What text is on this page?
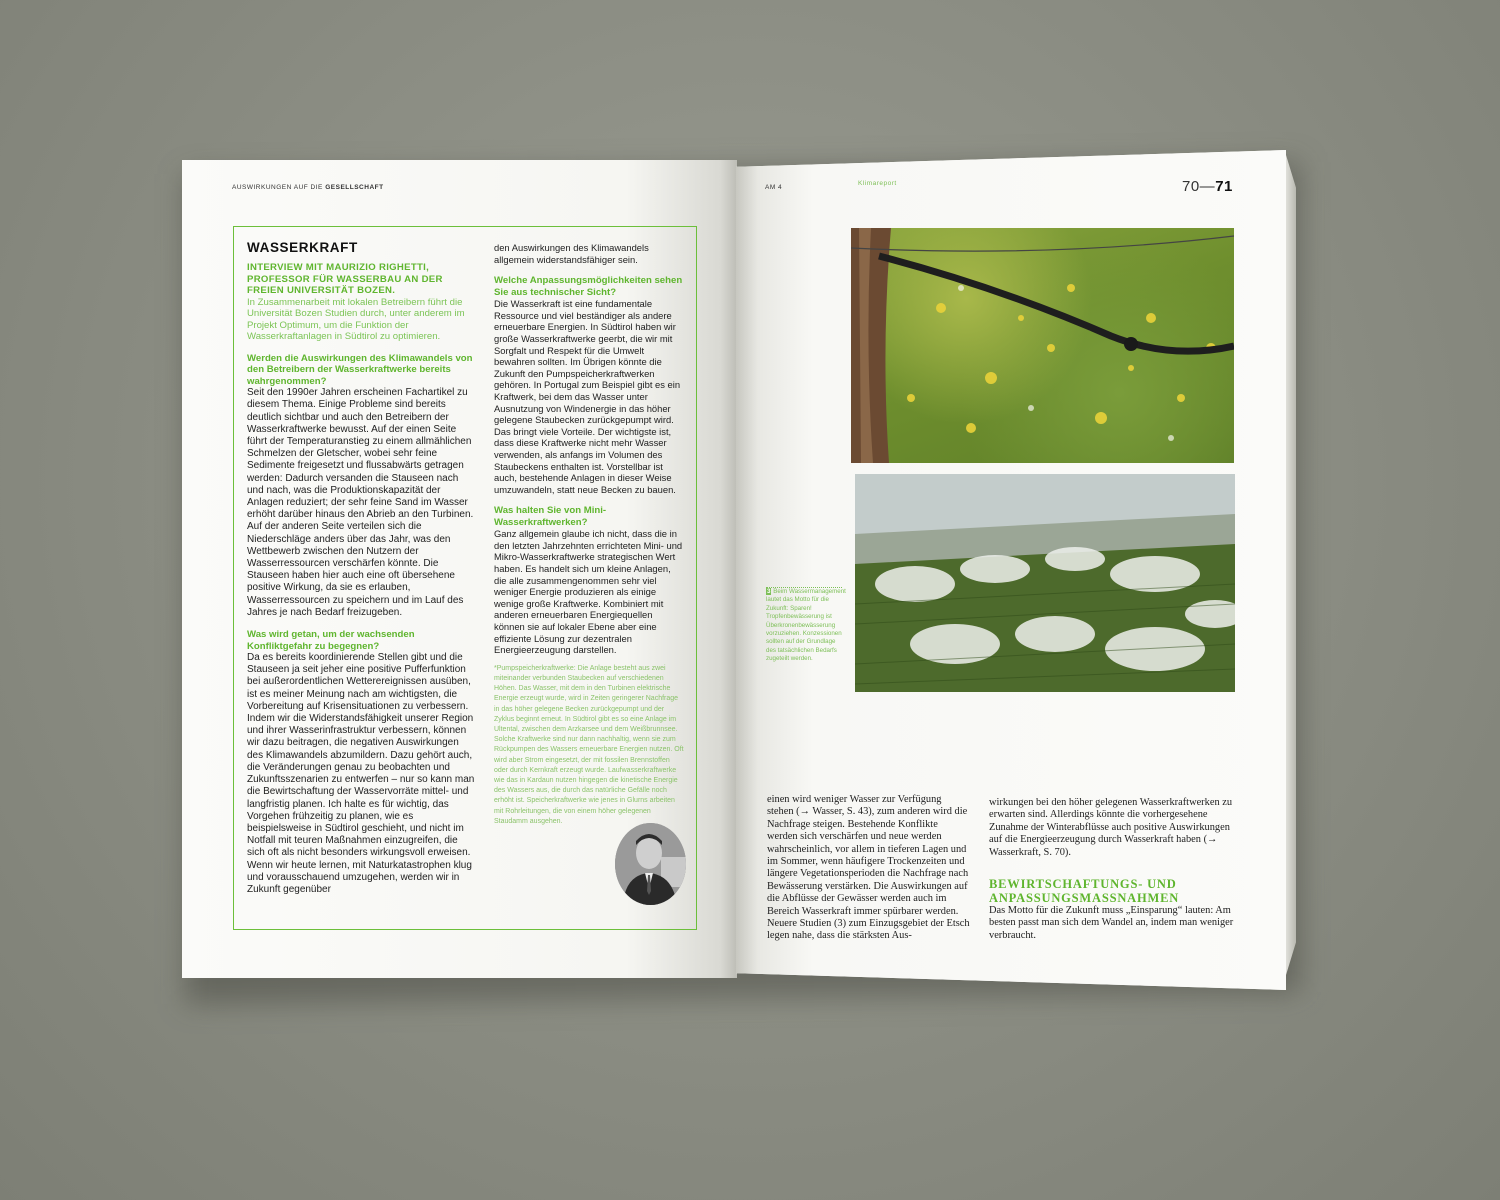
AUSWIRKUNGEN AUF DIE GESELLSCHAFT
WASSERKRAFT
INTERVIEW MIT MAURIZIO RIGHETTI, PROFESSOR FÜR WASSERBAU AN DER FREIEN UNIVERSITÄT BOZEN.
In Zusammenarbeit mit lokalen Betreibern führt die Universität Bozen Studien durch, unter anderem im Projekt Optimum, um die Funktion der Wasserkraftanlagen in Südtirol zu optimieren.
Werden die Auswirkungen des Klimawandels von den Betreibern der Wasserkraftwerke bereits wahrgenommen?

Seit den 1990er Jahren erscheinen Fachartikel zu diesem Thema. Einige Probleme sind bereits deutlich sichtbar und auch den Betreibern der Wasserkraftwerke bewusst. Auf der einen Seite führt der Temperaturanstieg zu einem allmählichen Schmelzen der Gletscher, wobei sehr feine Sedimente freigesetzt und flussabwärts getragen werden: Dadurch versanden die Stauseen nach und nach, was die Produktionskapazität der Anlagen reduziert; der sehr feine Sand im Wasser erhöht darüber hinaus den Abrieb an den Turbinen. Auf der anderen Seite verteilen sich die Niederschläge anders über das Jahr, was den Wettbewerb zwischen den Nutzern der Wasserressourcen verschärfen könnte. Die Stauseen haben hier auch eine oft übersehene positive Wirkung, da sie es erlauben, Wasserressourcen zu speichern und im Lauf des Jahres je nach Bedarf freizugeben.

Was wird getan, um der wachsenden Konfliktgefahr zu begegnen?

Da es bereits koordinierende Stellen gibt und die Stauseen ja seit jeher eine positive Pufferfunktion bei außerordentlichen Wetterereignissen ausüben, ist es meiner Meinung nach am wichtigsten, die Vorbereitung auf Krisensituationen zu verbessern. Indem wir die Widerstandsfähigkeit unserer Region und ihrer Wasserinfrastruktur verbessern, können wir dazu beitragen, die negativen Auswirkungen des Klimawandels abzumildern. Dazu gehört auch, die Veränderungen genau zu beobachten und Zukunftsszenarien zu entwerfen – nur so kann man die Bewirtschaftung der Wasservorräte mittel- und langfristig planen. Ich halte es für wichtig, das Vorgehen frühzeitig zu planen, wie es beispielsweise in Südtirol geschieht, und nicht im Notfall mit teuren Maßnahmen einzugreifen, die sich oft als nicht besonders wirkungsvoll erweisen. Wenn wir heute lernen, mit Naturkatastrophen klug und vorausschauend umzugehen, werden wir in Zukunft gegenüber

den Auswirkungen des Klimawandels allgemein widerstandsfähiger sein.

Welche Anpassungsmöglichkeiten sehen Sie aus technischer Sicht?

Die Wasserkraft ist eine fundamentale Ressource und viel beständiger als andere erneuerbare Energien. In Südtirol haben wir große Wasserkraftwerke geerbt, die wir mit Sorgfalt und Respekt für die Umwelt bewahren sollten. Im Übrigen könnte die Zukunft den Pumpspeicherkraftwerken gehören. In Portugal zum Beispiel gibt es ein Kraftwerk, bei dem das Wasser unter Ausnutzung von Windenergie in das höher gelegene Staubecken zurückgepumpt wird. Das bringt viele Vorteile. Der wichtigste ist, dass diese Kraftwerke nicht mehr Wasser verwenden, als anfangs im Volumen des Staubeckens enthalten ist. Vorstellbar ist auch, bestehende Anlagen in dieser Weise umzuwandeln, statt neue Becken zu bauen.

Was halten Sie von Mini-Wasserkraftwerken?

Ganz allgemein glaube ich nicht, dass die in den letzten Jahrzehnten errichteten Mini- und Mikro-Wasserkraftwerke strategischen Wert haben. Es handelt sich um kleine Anlagen, die alle zusammengenommen sehr viel weniger Energie produzieren als einige wenige große Kraftwerke. Kombiniert mit anderen erneuerbaren Energiequellen können sie auf lokaler Ebene aber eine effiziente Lösung zur dezentralen Energieerzeugung darstellen.

*Pumpspeicherkraftwerke: Die Anlage besteht aus zwei miteinander verbunden Staubecken auf verschiedenen Höhen. Das Wasser, mit dem in den Turbinen elektrische Energie erzeugt wurde, wird in Zeiten geringerer Nachfrage in das höher gelegene Becken zurückgepumpt und der Zyklus beginnt erneut. In Südtirol gibt es so eine Anlage im Ultental, zwischen dem Arzkarsee und dem Weißbrunnsee. Solche Kraftwerke sind nur dann nachhaltig, wenn sie zum Rückpumpen des Wassers erneuerbare Energien nutzen. Oft wird aber Strom eingesetzt, der mit fossilen Brennstoffen oder durch Kernkraft erzeugt wurde. Laufwasserkraftwerke wie das in Kardaun nutzen hingegen die kinetische Energie des Wassers aus, die durch das natürliche Gefälle noch erhöht ist. Speicherkraftwerke wie jenes in Glurns arbeiten mit Rohrleitungen, die von einem höher gelegenen Staudamm ausgehen.
AM 4
Klimareport	70—71
3 Beim Wassermanagement lautet das Motto für die Zukunft: Sparen! Tropfenbewässerung ist Überkronenbewässerung vorzuziehen. Konzessionen sollten auf der Grundlage des tatsächlichen Bedarfs zugeteilt werden.
einen wird weniger Wasser zur Verfügung stehen (→ Wasser, S. 43), zum anderen wird die Nachfrage steigen. Bestehende Konflikte werden sich verschärfen und neue werden wahrscheinlich, vor allem in tieferen Lagen und im Sommer, wenn häufigere Trockenzeiten und längere Vegetationsperioden die Nachfrage nach Bewässerung verstärken. Die Auswirkungen auf die Abflüsse der Gewässer werden auch im Bereich Wasserkraft immer spürbarer werden. Neuere Studien (3) zum Einzugsgebiet der Etsch legen nahe, dass die stärksten Aus-

wirkungen bei den höher gelegenen Wasserkraftwerken zu erwarten sind. Allerdings könnte die vorhergesehene Zunahme der Winterabflüsse auch positive Auswirkungen auf die Energieerzeugung durch Wasserkraft haben (→ Wasserkraft, S. 70).

BEWIRTSCHAFTUNGS- UND ANPASSUNGSMASSNAHMEN

Das Motto für die Zukunft muss „Einsparung“ lauten: Am besten passt man sich dem Wandel an, indem man weniger verbraucht.
